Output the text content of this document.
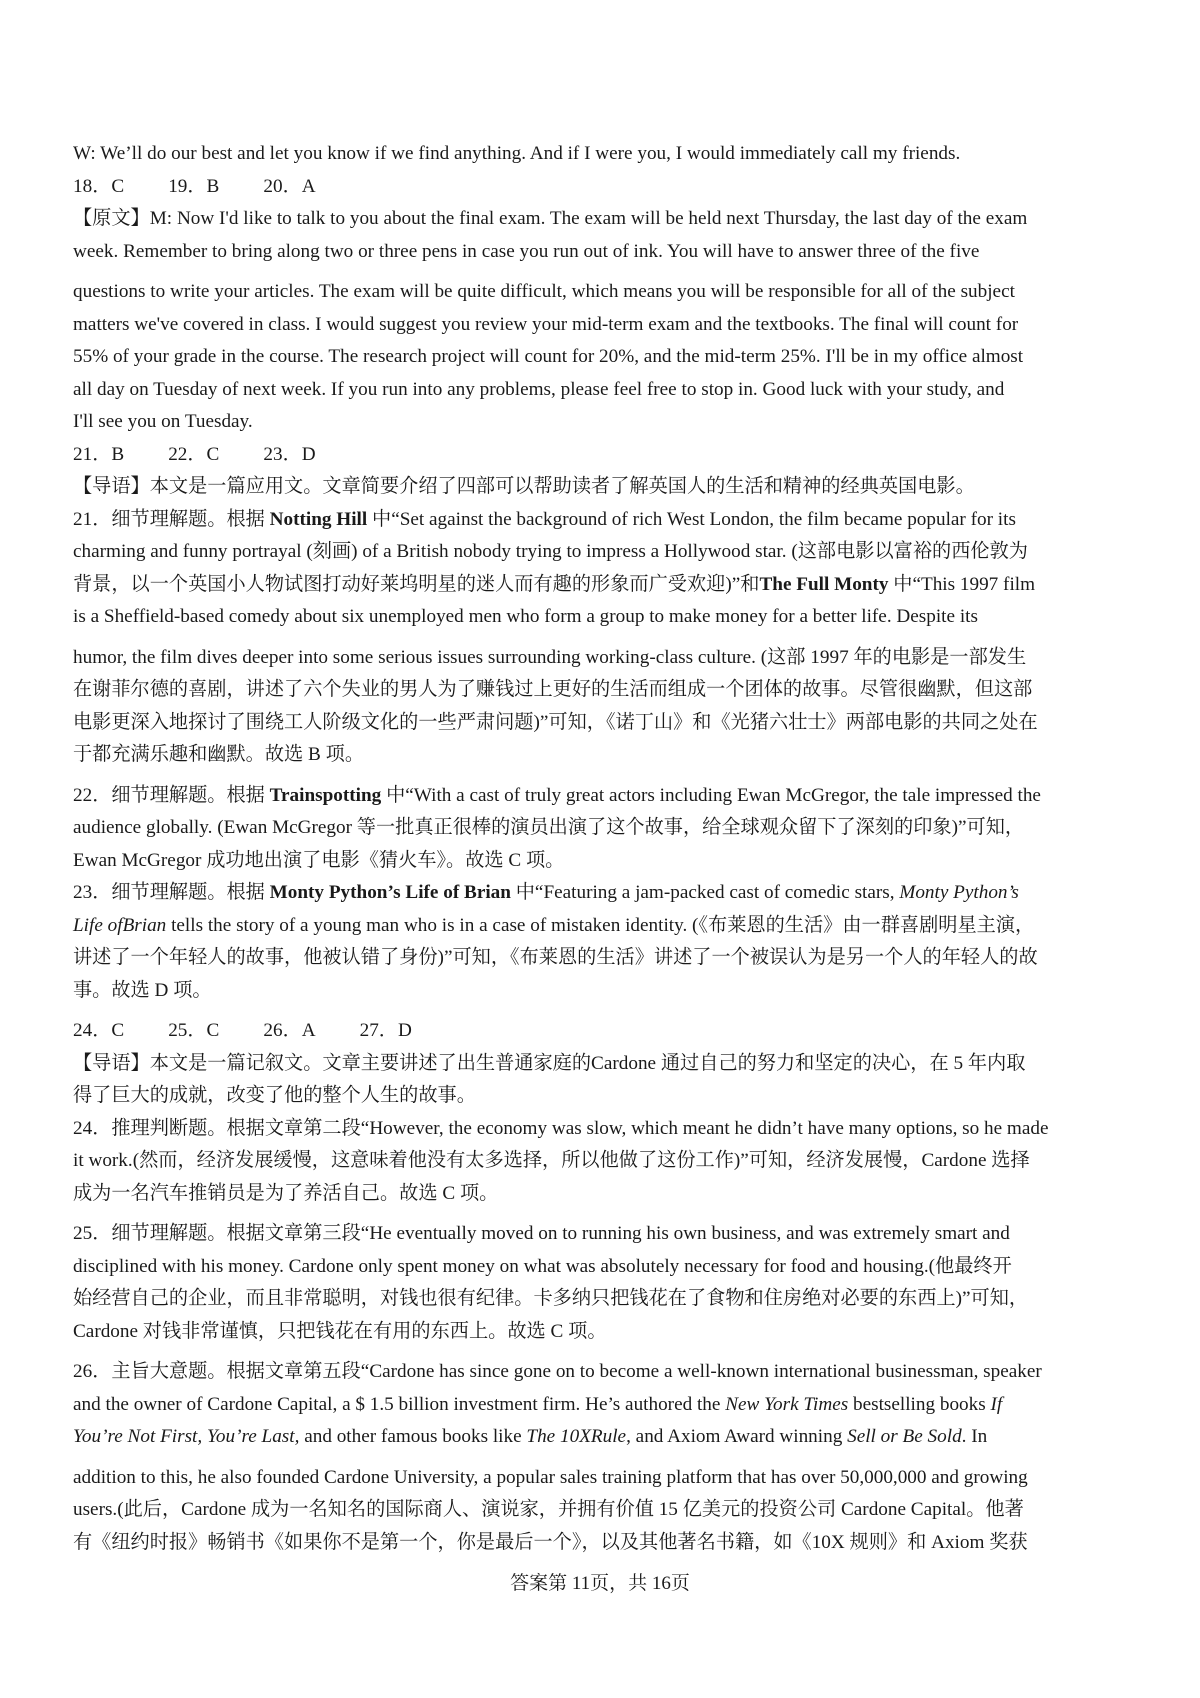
W: We’ll do our best and let you know if we find anything. And if I were you, I would immediately call my friends.
18．C 19．B 20．A
【原文】M: Now I'd like to talk to you about the final exam. The exam will be held next Thursday, the last day of the exam
week. Remember to bring along two or three pens in case you run out of ink. You will have to answer three of the five
questions to write your articles. The exam will be quite difficult, which means you will be responsible for all of the subject
matters we've covered in class. I would suggest you review your mid-term exam and the textbooks. The final will count for
55% of your grade in the course. The research project will count for 20%, and the mid-term 25%. I'll be in my office almost
all day on Tuesday of next week. If you run into any problems, please feel free to stop in. Good luck with your study, and
I'll see you on Tuesday.
21．B 22．C 23．D
【导语】本文是一篇应用文。文章简要介绍了四部可以帮助读者了解英国人的生活和精神的经典英国电影。
21．细节理解题。根据 Notting Hill 中“Set against the background of rich West London, the film became popular for its
charming and funny portrayal (刻画) of a British nobody trying to impress a Hollywood star. (这部电影以富裕的西伦敦为
背景，以一个英国小人物试图打动好莱坞明星的迷人而有趣的形象而广受欢迎)”和The Full Monty 中“This 1997 film
is a Sheffield-based comedy about six unemployed men who form a group to make money for a better life. Despite its
humor, the film dives deeper into some serious issues surrounding working-class culture. (这部 1997 年的电影是一部发生
在谢菲尔德的喜剧，讲述了六个失业的男人为了赚钱过上更好的生活而组成一个团体的故事。尽管很幽默，但这部
电影更深入地探讨了围绕工人阶级文化的一些严肃问题)”可知，《诺丁山》和《光猪六壮士》两部电影的共同之处在
于都充满乐趣和幽默。故选 B 项。
22．细节理解题。根据 Trainspotting 中“With a cast of truly great actors including Ewan McGregor, the tale impressed the
audience globally. (Ewan McGregor 等一批真正很棒的演员出演了这个故事，给全球观众留下了深刻的印象)”可知，
Ewan McGregor 成功地出演了电影《猜火车》。故选 C 项。
23．细节理解题。根据 Monty Python’s Life of Brian 中“Featuring a jam-packed cast of comedic stars, Monty Python’s
Life ofBrian tells the story of a young man who is in a case of mistaken identity. (《布莱恩的生活》由一群喜剧明星主演，
讲述了一个年轻人的故事，他被认错了身份)”可知，《布莱恩的生活》讲述了一个被误认为是另一个人的年轻人的故
事。故选 D 项。
24．C 25．C 26．A 27．D
【导语】本文是一篇记叙文。文章主要讲述了出生普通家庭的Cardone 通过自己的努力和坚定的决心，在 5 年内取
得了巨大的成就，改变了他的整个人生的故事。
24．推理判断题。根据文章第二段“However, the economy was slow, which meant he didn’t have many options, so he made
it work.(然而，经济发展缓慢，这意味着他没有太多选择，所以他做了这份工作)”可知，经济发展慢，Cardone 选择
成为一名汽车推销员是为了养活自己。故选 C 项。
25．细节理解题。根据文章第三段“He eventually moved on to running his own business, and was extremely smart and
disciplined with his money. Cardone only spent money on what was absolutely necessary for food and housing.(他最终开
始经营自己的企业，而且非常聪明，对钱也很有纪律。卡多纳只把钱花在了食物和住房绝对必要的东西上)”可知，
Cardone 对钱非常谨慎，只把钱花在有用的东西上。故选 C 项。
26．主旨大意题。根据文章第五段“Cardone has since gone on to become a well-known international businessman, speaker
and the owner of Cardone Capital, a $ 1.5 billion investment firm. He’s authored the New York Times bestselling books If
You’re Not First, You’re Last, and other famous books like The 10XRule, and Axiom Award winning Sell or Be Sold. In
addition to this, he also founded Cardone University, a popular sales training platform that has over 50,000,000 and growing
users.(此后，Cardone 成为一名知名的国际商人、演说家，并拥有价值 15 亿美元的投资公司 Cardone Capital。他著
有《纽约时报》畅销书《如果你不是第一个，你是最后一个》，以及其他著名书籍，如《10X 规则》和 Axiom 奖获
答案第 11页，共 16页
